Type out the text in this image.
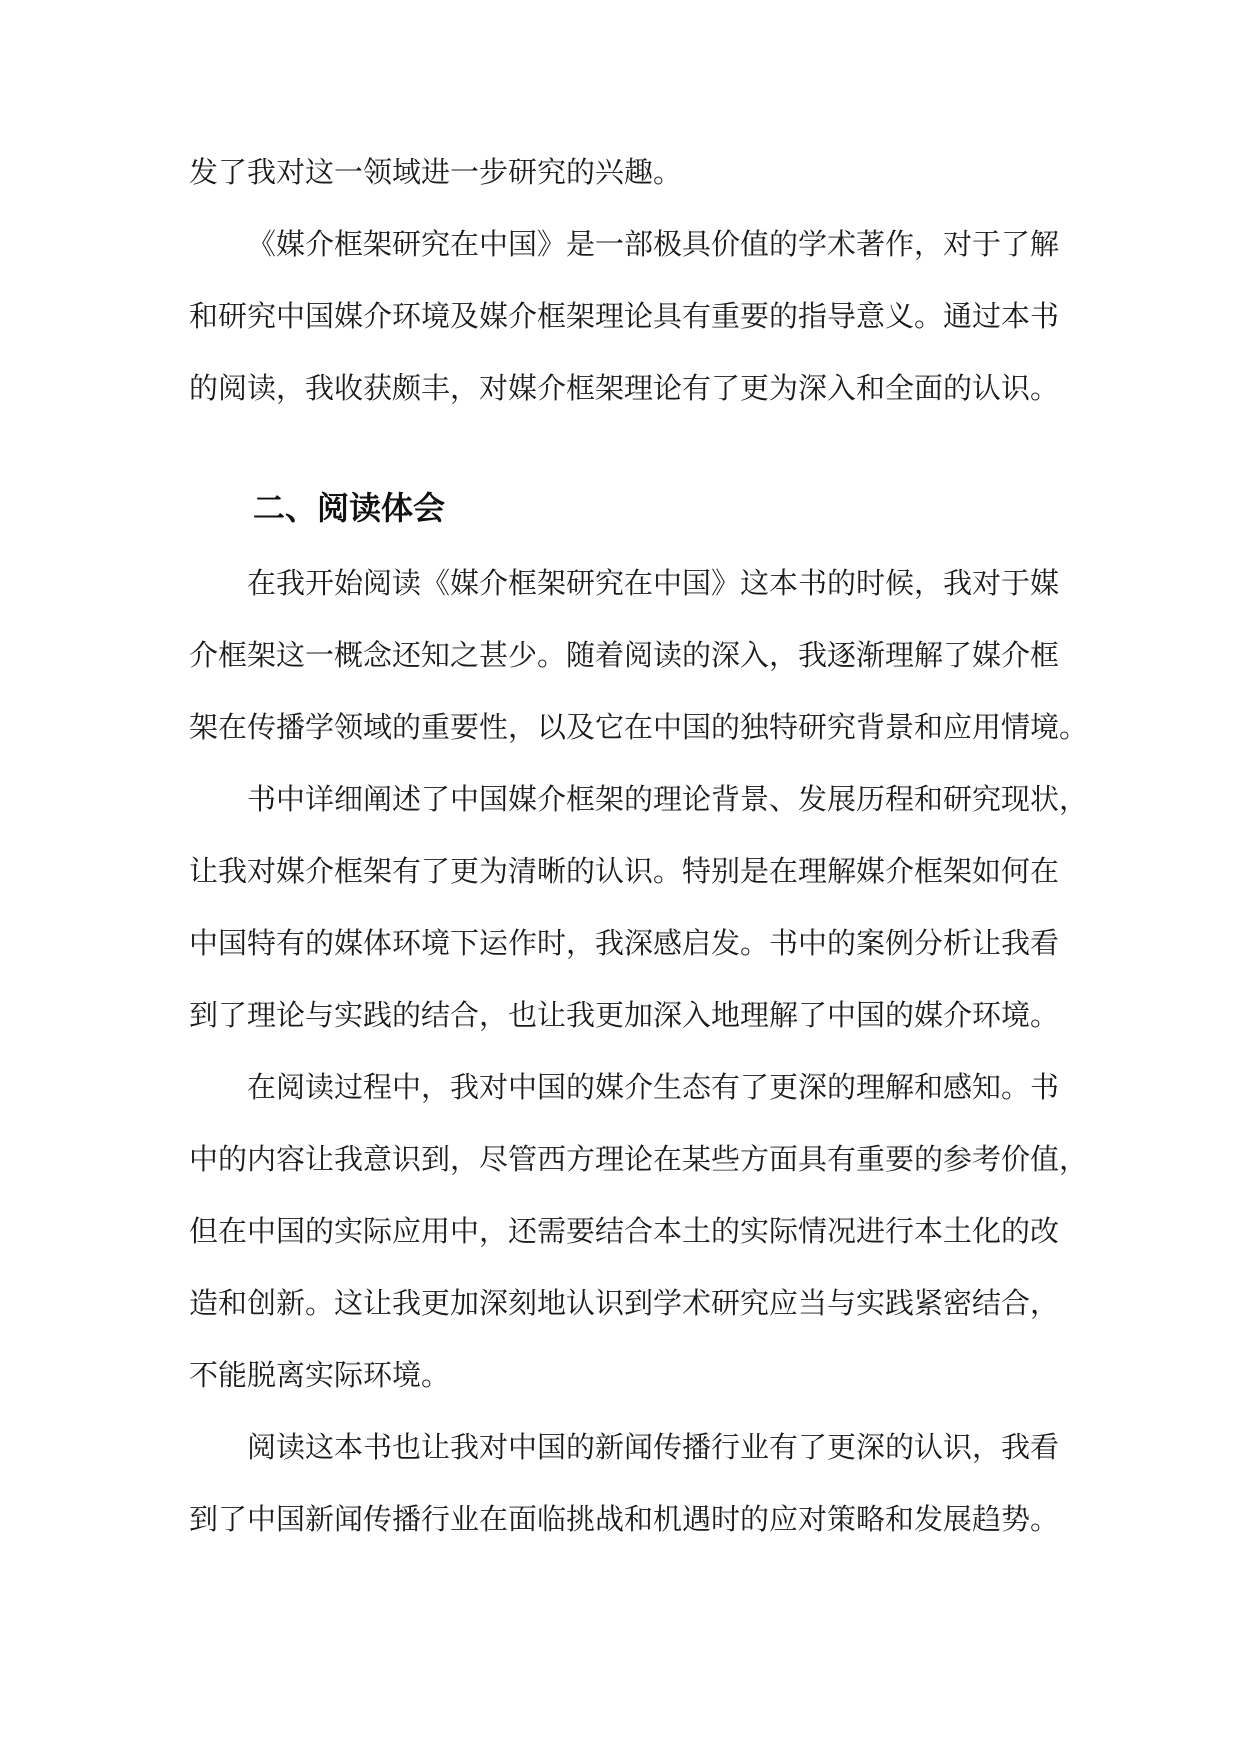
发了我对这一领域进一步研究的兴趣。
《媒介框架研究在中国》是一部极具价值的学术著作，对于了解
和研究中国媒介环境及媒介框架理论具有重要的指导意义。通过本书
的阅读，我收获颇丰，对媒介框架理论有了更为深入和全面的认识。
二、阅读体会
在我开始阅读《媒介框架研究在中国》这本书的时候，我对于媒
介框架这一概念还知之甚少。随着阅读的深入，我逐渐理解了媒介框
架在传播学领域的重要性，以及它在中国的独特研究背景和应用情境。
书中详细阐述了中国媒介框架的理论背景、发展历程和研究现状，
让我对媒介框架有了更为清晰的认识。特别是在理解媒介框架如何在
中国特有的媒体环境下运作时，我深感启发。书中的案例分析让我看
到了理论与实践的结合，也让我更加深入地理解了中国的媒介环境。
在阅读过程中，我对中国的媒介生态有了更深的理解和感知。书
中的内容让我意识到，尽管西方理论在某些方面具有重要的参考价值，
但在中国的实际应用中，还需要结合本土的实际情况进行本土化的改
造和创新。这让我更加深刻地认识到学术研究应当与实践紧密结合，
不能脱离实际环境。
阅读这本书也让我对中国的新闻传播行业有了更深的认识，我看
到了中国新闻传播行业在面临挑战和机遇时的应对策略和发展趋势。
